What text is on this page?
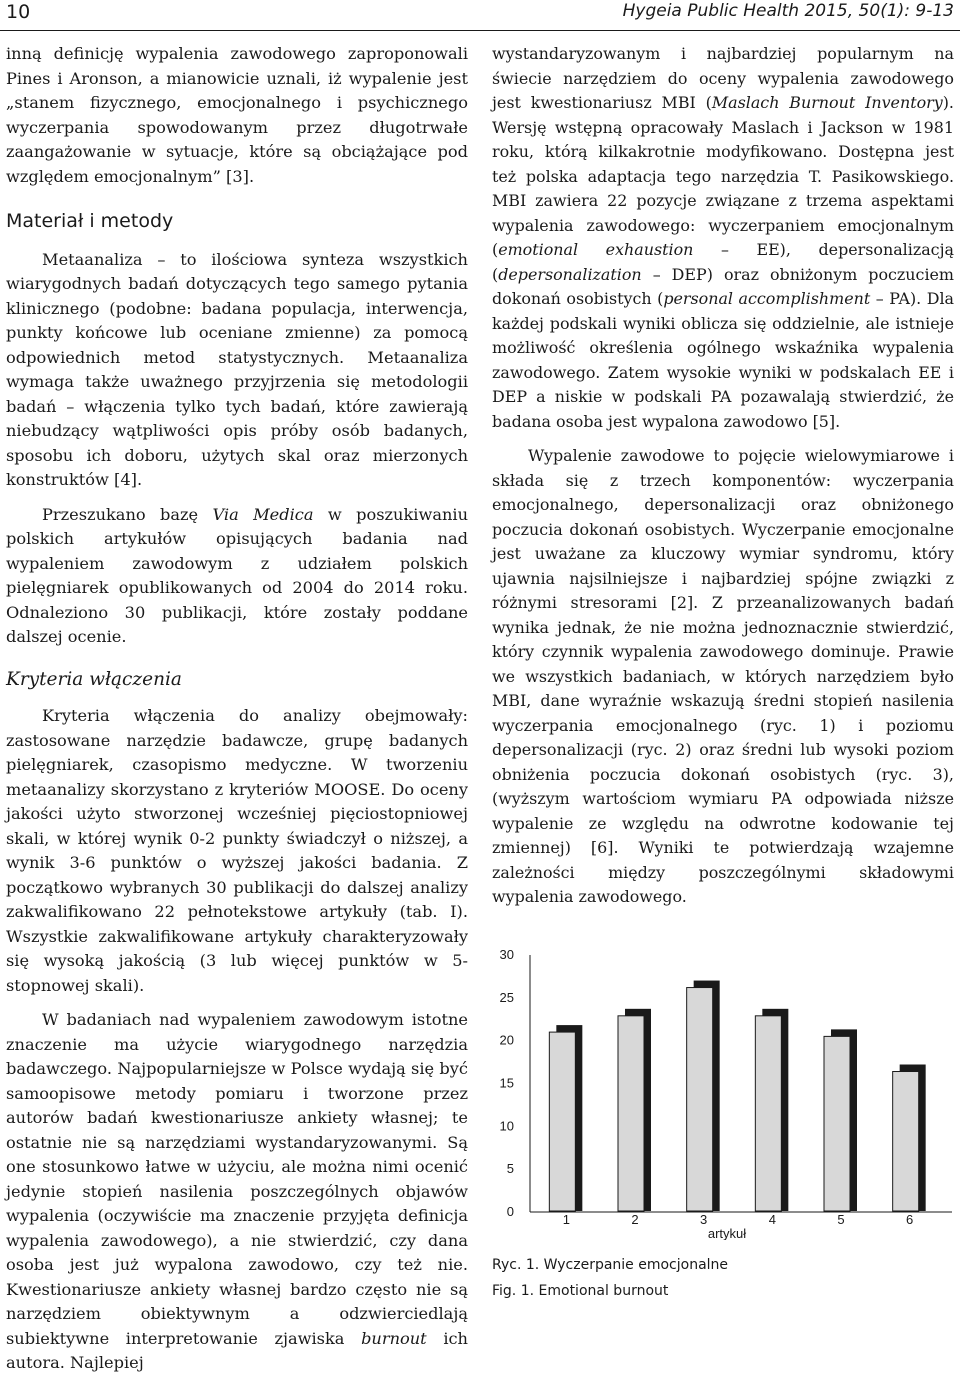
10	Hygeia Public Health 2015, 50(1): 9-13

inną definicję wypalenia zawodowego zaproponowali Pines i Aronson, a mianowicie uznali, iż wypalenie jest „stanem fizycznego, emocjonalnego i psychicznego wyczerpania spowodowanym przez długotrwałe zaangażowanie w sytuacje, które są obciążające pod względem emocjonalnym” [3].

Materiał i metody

Metaanaliza – to ilościowa synteza wszystkich wiarygodnych badań dotyczących tego samego pytania klinicznego (podobne: badana populacja, interwencja, punkty końcowe lub oceniane zmienne) za pomocą odpowiednich metod statystycznych. Metaanaliza wymaga także uważnego przyjrzenia się metodologii badań – włączenia tylko tych badań, które zawierają niebudzący wątpliwości opis próby osób badanych, sposobu ich doboru, użytych skal oraz mierzonych konstruktów [4].

Przeszukano bazę Via Medica w poszukiwaniu polskich artykułów opisujących badania nad wypaleniem zawodowym z udziałem polskich pielęgniarek opublikowanych od 2004 do 2014 roku. Odnaleziono 30 publikacji, które zostały poddane dalszej ocenie.

Kryteria włączenia

Kryteria włączenia do analizy obejmowały: zastosowane narzędzie badawcze, grupę badanych pielęgniarek, czasopismo medyczne. W tworzeniu metaanalizy skorzystano z kryteriów MOOSE. Do oceny jakości użyto stworzonej wcześniej pięciostopniowej skali, w której wynik 0-2 punkty świadczył o niższej, a wynik 3-6 punktów o wyższej jakości badania. Z początkowo wybranych 30 publikacji do dalszej analizy zakwalifikowano 22 pełnotekstowe artykuły (tab. I). Wszystkie zakwalifikowane artykuły charakteryzowały się wysoką jakością (3 lub więcej punktów w 5-stopnowej skali).

W badaniach nad wypaleniem zawodowym istotne znaczenie ma użycie wiarygodnego narzędzia badawczego. Najpopularniejsze w Polsce wydają się być samoopisowe metody pomiaru i tworzone przez autorów badań kwestionariusze ankiety własnej; te ostatnie nie są narzędziami wystandaryzowanymi. Są one stosunkowo łatwe w użyciu, ale można nimi ocenić jedynie stopień nasilenia poszczególnych objawów wypalenia (oczywiście ma znaczenie przyjęta definicja wypalenia zawodowego), a nie stwierdzić, czy dana osoba jest już wypalona zawodowo, czy też nie. Kwestionariusze ankiety własnej bardzo często nie są narzędziem obiektywnym a odzwierciedlają subiektywne interpretowanie zjawiska burnout ich autora. Najlepiej

wystandaryzowanym i najbardziej popularnym na świecie narzędziem do oceny wypalenia zawodowego jest kwestionariusz MBI (Maslach Burnout Inventory). Wersję wstępną opracowały Maslach i Jackson w 1981 roku, którą kilkakrotnie modyfikowano. Dostępna jest też polska adaptacja tego narzędzia T. Pasikowskiego. MBI zawiera 22 pozycje związane z trzema aspektami wypalenia zawodowego: wyczerpaniem emocjonalnym (emotional exhaustion – EE), depersonalizacją (depersonalization – DEP) oraz obniżonym poczuciem dokonań osobistych (personal accomplishment – PA). Dla każdej podskali wyniki oblicza się oddzielnie, ale istnieje możliwość określenia ogólnego wskaźnika wypalenia zawodowego. Zatem wysokie wyniki w podskalach EE i DEP a niskie w podskali PA pozawalają stwierdzić, że badana osoba jest wypalona zawodowo [5].

Wypalenie zawodowe to pojęcie wielowymiarowe i składa się z trzech komponentów: wyczerpania emocjonalnego, depersonalizacji oraz obniżonego poczucia dokonań osobistych. Wyczerpanie emocjonalne jest uważane za kluczowy wymiar syndromu, który ujawnia najsilniejsze i najbardziej spójne związki z różnymi stresorami [2]. Z przeanalizowanych badań wynika jednak, że nie można jednoznacznie stwierdzić, który czynnik wypalenia zawodowego dominuje. Prawie we wszystkich badaniach, w których narzędziem było MBI, dane wyraźnie wskazują średni stopień nasilenia wyczerpania emocjonalnego (ryc. 1) i poziomu depersonalizacji (ryc. 2) oraz średni lub wysoki poziom obniżenia poczucia dokonań osobistych (ryc. 3), (wyższym wartościom wymiaru PA odpowiada niższe wypalenie ze względu na odwrotne kodowanie tej zmiennej) [6]. Wyniki te potwierdzają wzajemne zależności między poszczególnymi składowymi wypalenia zawodowego.

0
5
10
15
20
25
30
1	2	3	4	5	6
artykuł
Ryc. 1. Wyczerpanie emocjonalne
Fig. 1. Emotional burnout
